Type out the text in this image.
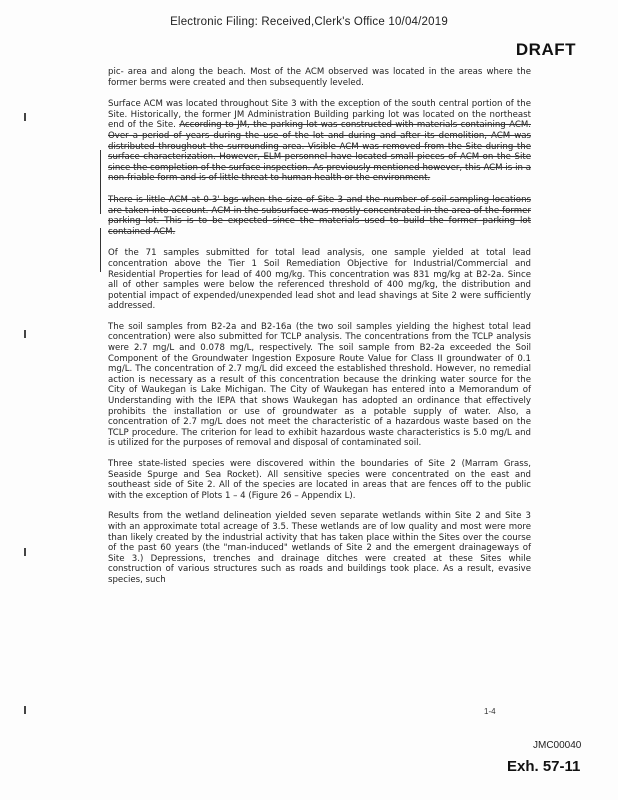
Electronic Filing: Received,Clerk's Office 10/04/2019
DRAFT

pic- area and along the beach. Most of the ACM observed was located in the areas where the former berms were created and then subsequently leveled.

Surface ACM was located throughout Site 3 with the exception of the south central portion of the Site. Historically, the former JM Administration Building parking lot was located on the northeast end of the Site. According to JM, the parking lot was constructed with materials containing ACM. Over a period of years during the use of the lot and during and after its demolition, ACM was distributed throughout the surrounding area. Visible ACM was removed from the Site during the surface characterization. However, ELM personnel have located small pieces of ACM on the Site since the completion of the surface inspection. As previously mentioned however, this ACM is in a non-friable form and is of little threat to human health or the environment.

There is little ACM at 0-3' bgs when the size of Site 3 and the number of soil sampling locations are taken into account. ACM in the subsurface was mostly concentrated in the area of the former parking lot. This is to be expected since the materials used to build the former parking lot contained ACM.

Of the 71 samples submitted for total lead analysis, one sample yielded at total lead concentration above the Tier 1 Soil Remediation Objective for Industrial/Commercial and Residential Properties for lead of 400 mg/kg. This concentration was 831 mg/kg at B2-2a. Since all of other samples were below the referenced threshold of 400 mg/kg, the distribution and potential impact of expended/unexpended lead shot and lead shavings at Site 2 were sufficiently addressed.

The soil samples from B2-2a and B2-16a (the two soil samples yielding the highest total lead concentration) were also submitted for TCLP analysis. The concentrations from the TCLP analysis were 2.7 mg/L and 0.078 mg/L, respectively. The soil sample from B2-2a exceeded the Soil Component of the Groundwater Ingestion Exposure Route Value for Class II groundwater of 0.1 mg/L. The concentration of 2.7 mg/L did exceed the established threshold. However, no remedial action is necessary as a result of this concentration because the drinking water source for the City of Waukegan is Lake Michigan. The City of Waukegan has entered into a Memorandum of Understanding with the IEPA that shows Waukegan has adopted an ordinance that effectively prohibits the installation or use of groundwater as a potable supply of water. Also, a concentration of 2.7 mg/L does not meet the characteristic of a hazardous waste based on the TCLP procedure. The criterion for lead to exhibit hazardous waste characteristics is 5.0 mg/L and is utilized for the purposes of removal and disposal of contaminated soil.

Three state-listed species were discovered within the boundaries of Site 2 (Marram Grass, Seaside Spurge and Sea Rocket). All sensitive species were concentrated on the east and southeast side of Site 2. All of the species are located in areas that are fences off to the public with the exception of Plots 1 – 4 (Figure 26 – Appendix L).

Results from the wetland delineation yielded seven separate wetlands within Site 2 and Site 3 with an approximate total acreage of 3.5. These wetlands are of low quality and most were more than likely created by the industrial activity that has taken place within the Sites over the course of the past 60 years (the "man-induced" wetlands of Site 2 and the emergent drainageways of Site 3.) Depressions, trenches and drainage ditches were created at these Sites while construction of various structures such as roads and buildings took place. As a result, evasive species, such

1-4
JMC00040
Exh. 57-11
